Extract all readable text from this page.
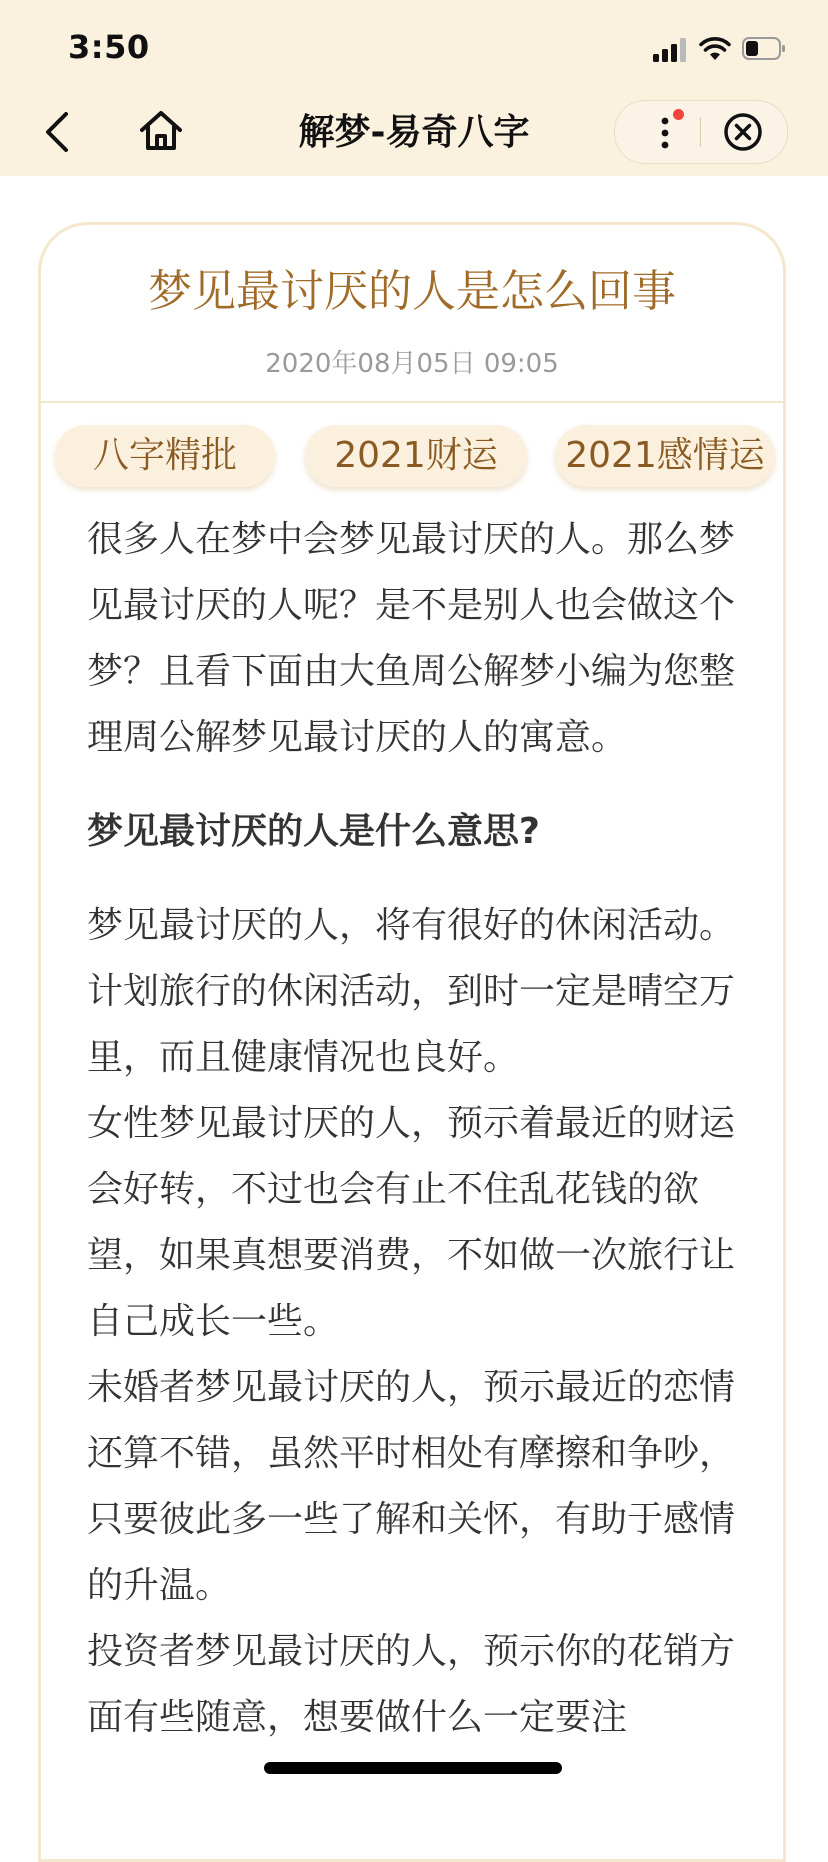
3:50
解梦-易奇八字
梦见最讨厌的人是怎么回事
2020年08月05日 09:05
八字精批	2021财运	2021感情运

很多人在梦中会梦见最讨厌的人。那么梦见最讨厌的人呢？是不是别人也会做这个梦？且看下面由大鱼周公解梦小编为您整理周公解梦见最讨厌的人的寓意。

梦见最讨厌的人是什么意思?

梦见最讨厌的人，将有很好的休闲活动。计划旅行的休闲活动，到时一定是晴空万里，而且健康情况也良好。

女性梦见最讨厌的人，预示着最近的财运会好转，不过也会有止不住乱花钱的欲望，如果真想要消费，不如做一次旅行让自己成长一些。

未婚者梦见最讨厌的人，预示最近的恋情还算不错，虽然平时相处有摩擦和争吵，只要彼此多一些了解和关怀，有助于感情的升温。

投资者梦见最讨厌的人，预示你的花销方面有些随意，想要做什么一定要注
